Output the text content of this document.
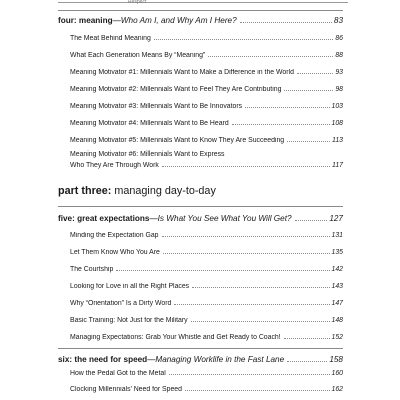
Respect
four: meaning—Who Am I, and Why Am I Here?	83
The Meat Behind Meaning	86
What Each Generation Means By “Meaning”	88
Meaning Motivator #1: Millennials Want to Make a Difference in the World	93
Meaning Motivator #2: Millennials Want to Feel They Are Contributing	98
Meaning Motivator #3: Millennials Want to Be Innovators	103
Meaning Motivator #4: Millennials Want to Be Heard	108
Meaning Motivator #5: Millennials Want to Know They Are Succeeding	113
Meaning Motivator #6: Millennials Want to Express
Who They Are Through Work	117
part three: managing day-to-day
five: great expectations—Is What You See What You Will Get?	127
Minding the Expectation Gap	131
Let Them Know Who You Are	135
The Courtship	142
Looking for Love in all the Right Places	143
Why “Orientation” Is a Dirty Word	147
Basic Training: Not Just for the Military	148
Managing Expectations: Grab Your Whistle and Get Ready to Coach!	152
six: the need for speed—Managing Worklife in the Fast Lane	158
How the Pedal Got to the Metal	160
Clocking Millennials’ Need for Speed	162
